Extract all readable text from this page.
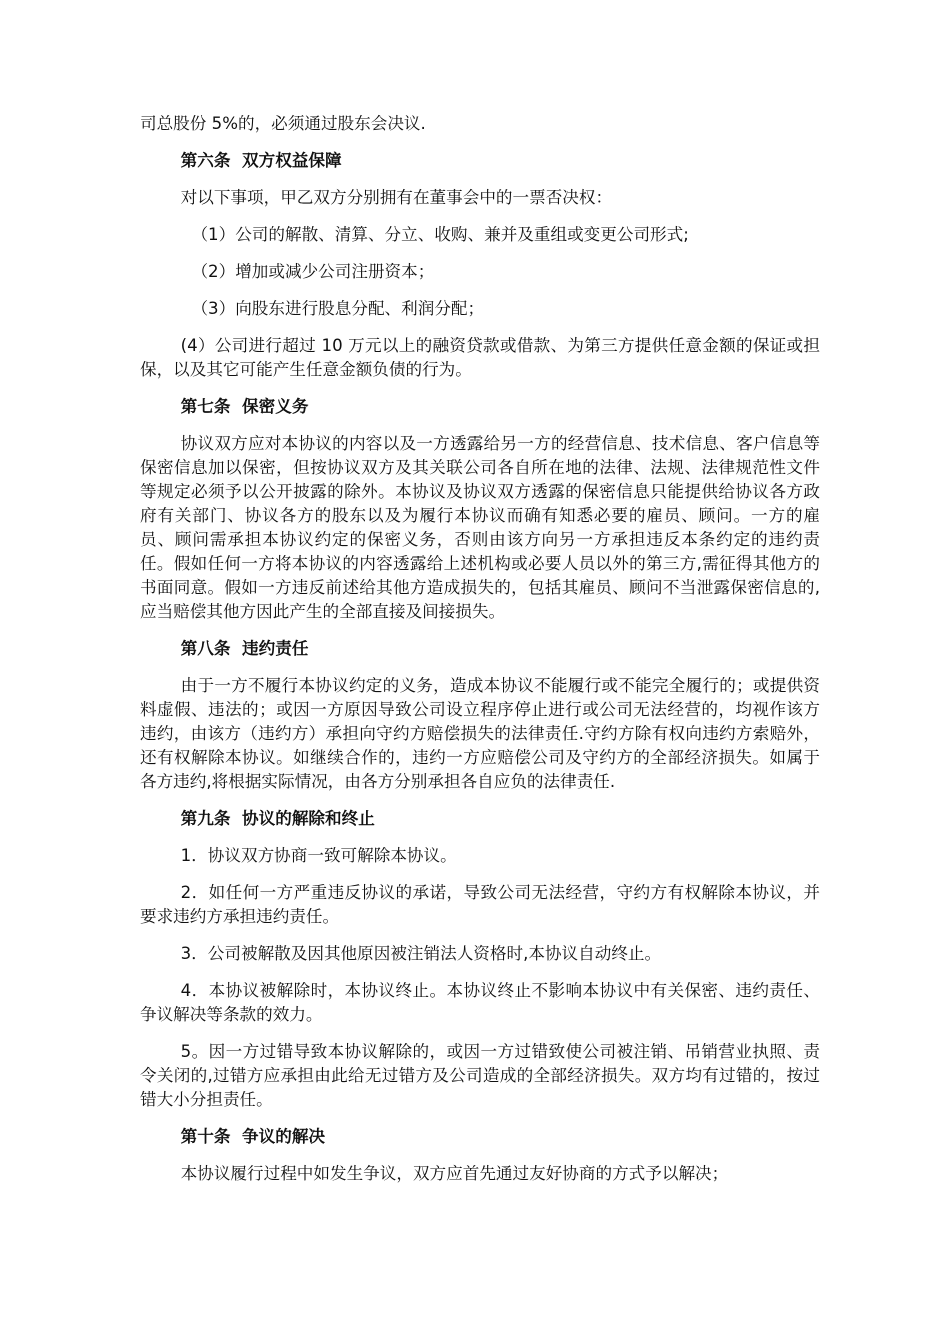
司总股份 5%的，必须通过股东会决议.

第六条 双方权益保障

对以下事项，甲乙双方分别拥有在董事会中的一票否决权：

（1）公司的解散、清算、分立、收购、兼并及重组或变更公司形式;

（2）增加或减少公司注册资本；

（3）向股东进行股息分配、利润分配；

(4）公司进行超过 10 万元以上的融资贷款或借款、为第三方提供任意金额的保证或担保，以及其它可能产生任意金额负债的行为。

第七条 保密义务

协议双方应对本协议的内容以及一方透露给另一方的经营信息、技术信息、客户信息等保密信息加以保密，但按协议双方及其关联公司各自所在地的法律、法规、法律规范性文件等规定必须予以公开披露的除外。本协议及协议双方透露的保密信息只能提供给协议各方政府有关部门、协议各方的股东以及为履行本协议而确有知悉必要的雇员、顾问。一方的雇员、顾问需承担本协议约定的保密义务，否则由该方向另一方承担违反本条约定的违约责任。假如任何一方将本协议的内容透露给上述机构或必要人员以外的第三方,需征得其他方的书面同意。假如一方违反前述给其他方造成损失的，包括其雇员、顾问不当泄露保密信息的,应当赔偿其他方因此产生的全部直接及间接损失。

第八条 违约责任

由于一方不履行本协议约定的义务，造成本协议不能履行或不能完全履行的；或提供资料虚假、违法的；或因一方原因导致公司设立程序停止进行或公司无法经营的，均视作该方违约，由该方（违约方）承担向守约方赔偿损失的法律责任.守约方除有权向违约方索赔外，还有权解除本协议。如继续合作的，违约一方应赔偿公司及守约方的全部经济损失。如属于各方违约,将根据实际情况，由各方分别承担各自应负的法律责任.

第九条 协议的解除和终止

1．协议双方协商一致可解除本协议。

2．如任何一方严重违反协议的承诺，导致公司无法经营，守约方有权解除本协议，并要求违约方承担违约责任。

3．公司被解散及因其他原因被注销法人资格时,本协议自动终止。

4．本协议被解除时，本协议终止。本协议终止不影响本协议中有关保密、违约责任、争议解决等条款的效力。

5。因一方过错导致本协议解除的，或因一方过错致使公司被注销、吊销营业执照、责令关闭的,过错方应承担由此给无过错方及公司造成的全部经济损失。双方均有过错的，按过错大小分担责任。

第十条 争议的解决

本协议履行过程中如发生争议，双方应首先通过友好协商的方式予以解决；
